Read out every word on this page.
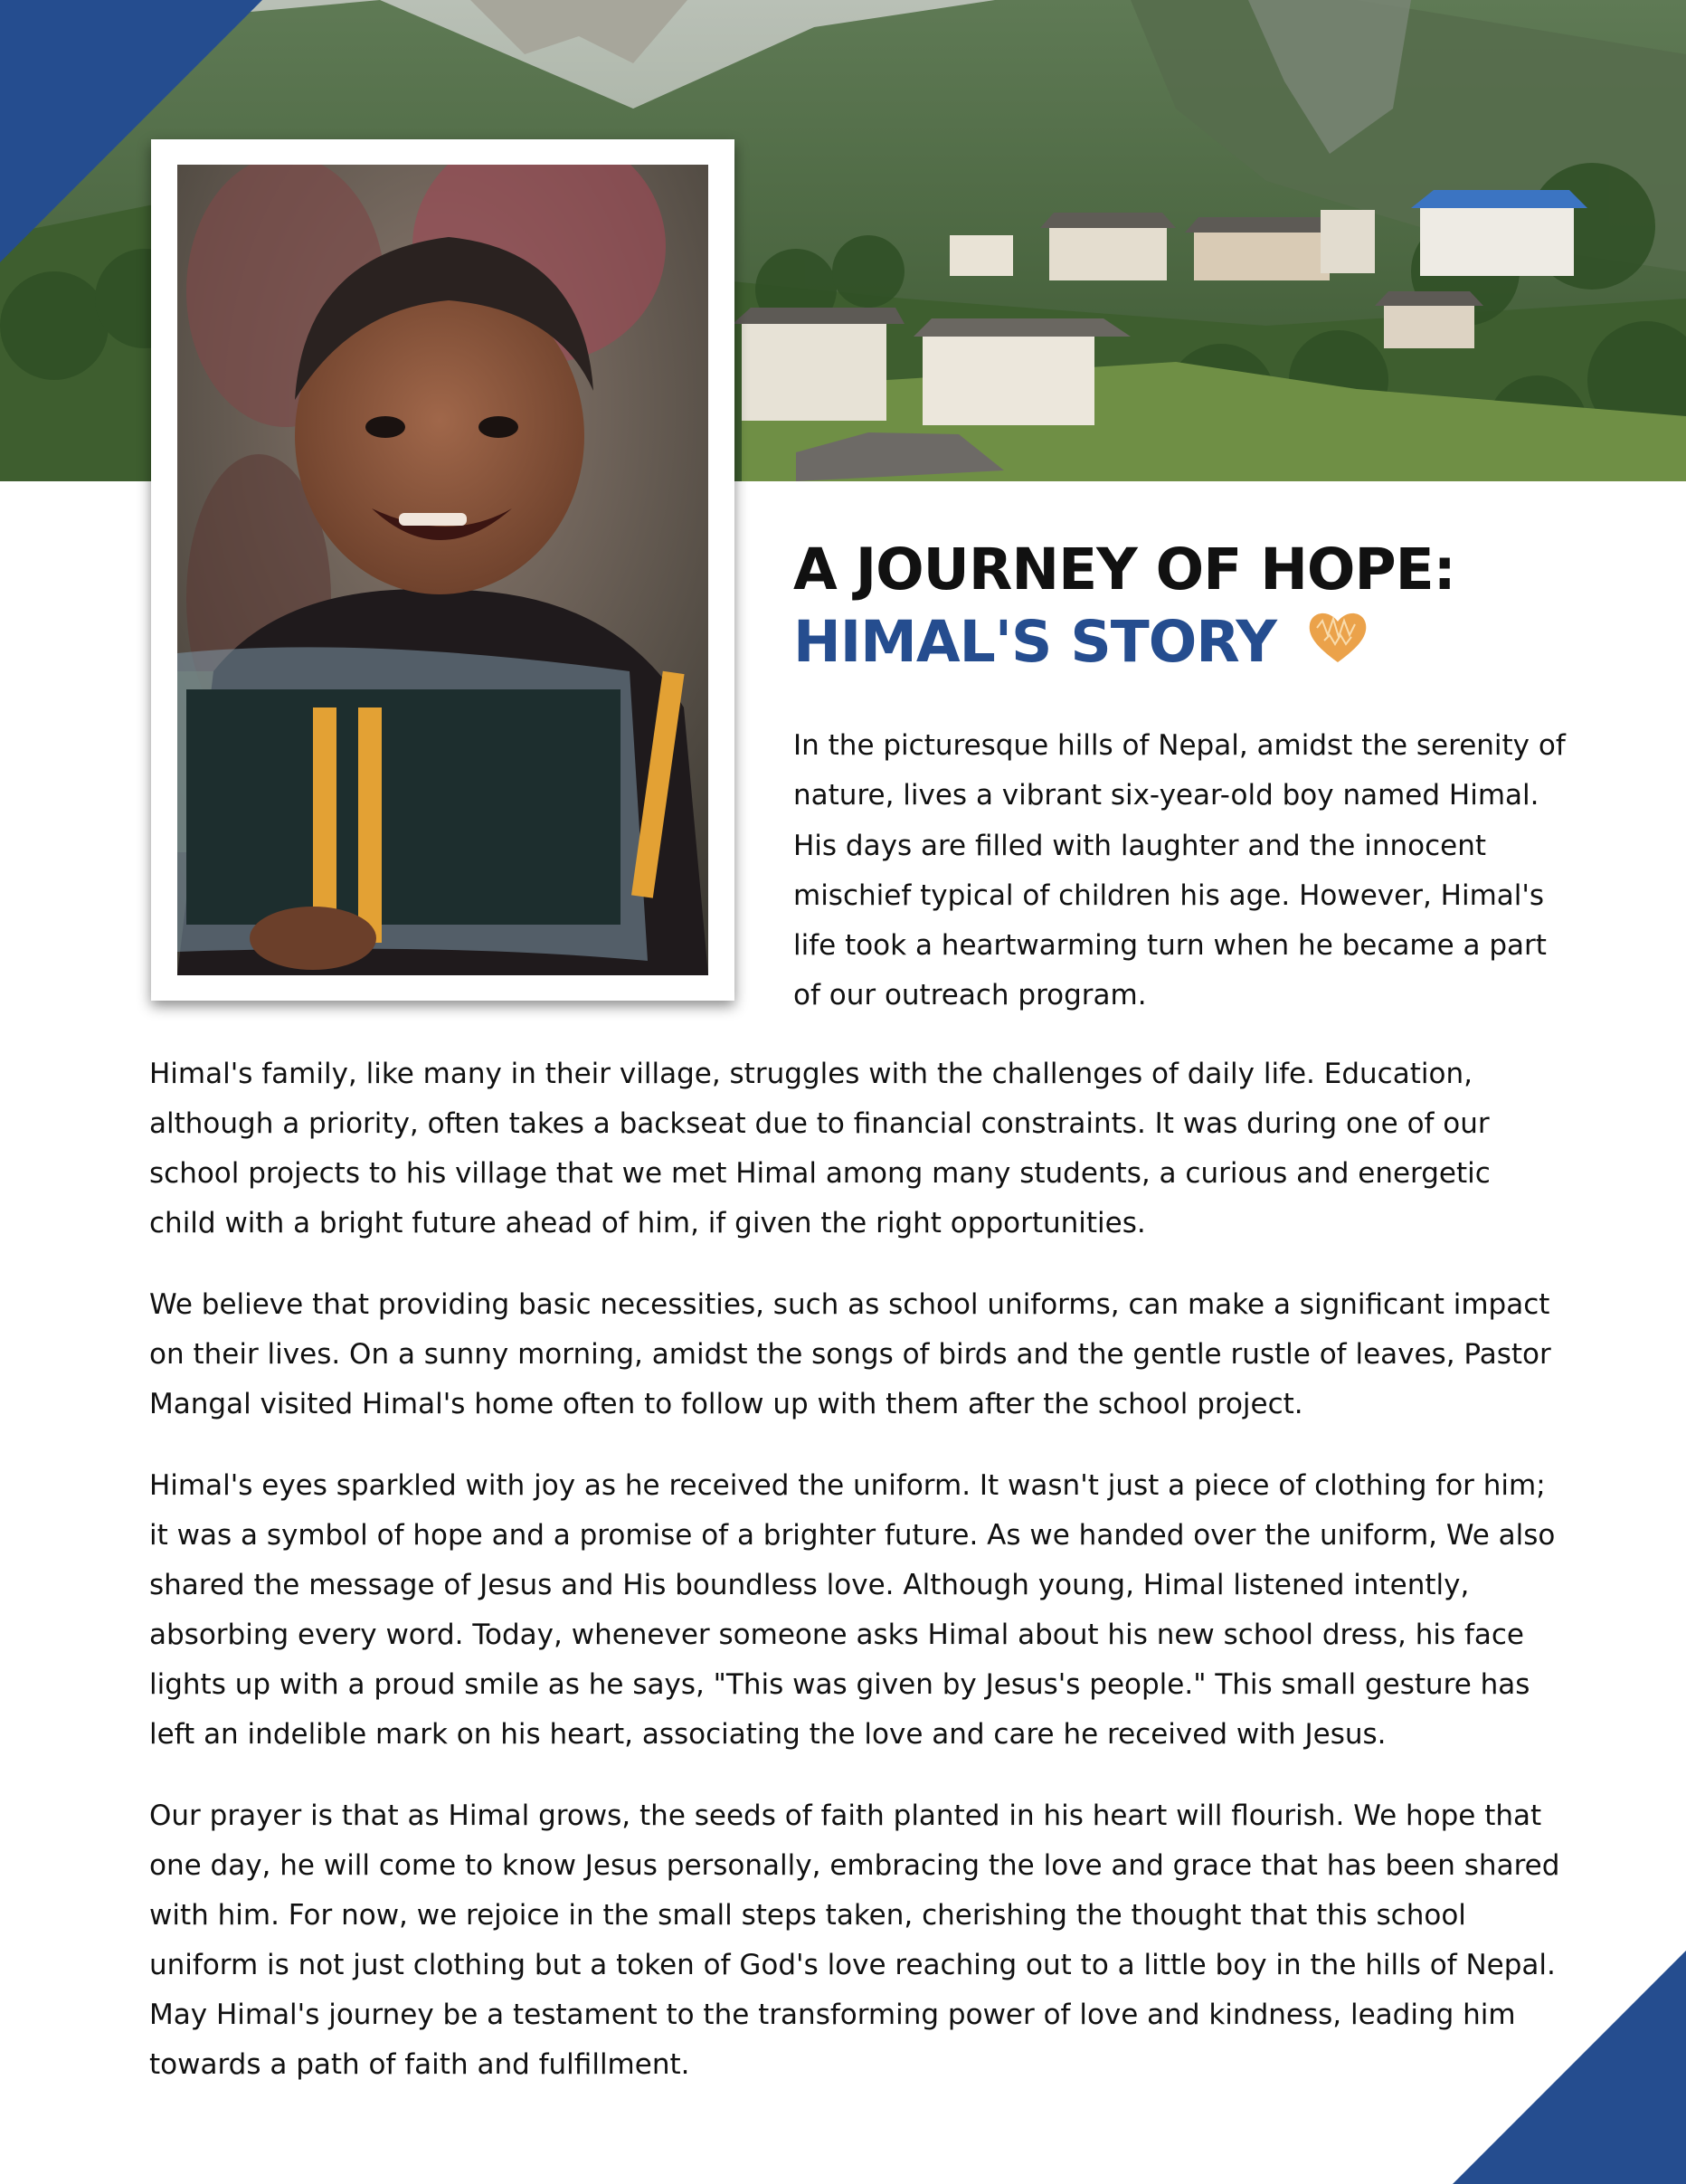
A JOURNEY OF HOPE:
HIMAL'S STORY

In the picturesque hills of Nepal, amidst the serenity of nature, lives a vibrant six-year-old boy named Himal. His days are filled with laughter and the innocent mischief typical of children his age. However, Himal's life took a heartwarming turn when he became a part of our outreach program.

Himal's family, like many in their village, struggles with the challenges of daily life. Education, although a priority, often takes a backseat due to financial constraints. It was during one of our school projects to his village that we met Himal among many students, a curious and energetic child with a bright future ahead of him, if given the right opportunities.

We believe that providing basic necessities, such as school uniforms, can make a significant impact on their lives. On a sunny morning, amidst the songs of birds and the gentle rustle of leaves, Pastor Mangal visited Himal's home often to follow up with them after the school project.

Himal's eyes sparkled with joy as he received the uniform. It wasn't just a piece of clothing for him; it was a symbol of hope and a promise of a brighter future. As we handed over the uniform, We also shared the message of Jesus and His boundless love. Although young, Himal listened intently, absorbing every word. Today, whenever someone asks Himal about his new school dress, his face lights up with a proud smile as he says, "This was given by Jesus's people." This small gesture has left an indelible mark on his heart, associating the love and care he received with Jesus.

Our prayer is that as Himal grows, the seeds of faith planted in his heart will flourish. We hope that one day, he will come to know Jesus personally, embracing the love and grace that has been shared with him. For now, we rejoice in the small steps taken, cherishing the thought that this school uniform is not just clothing but a token of God's love reaching out to a little boy in the hills of Nepal. May Himal's journey be a testament to the transforming power of love and kindness, leading him towards a path of faith and fulfillment.
